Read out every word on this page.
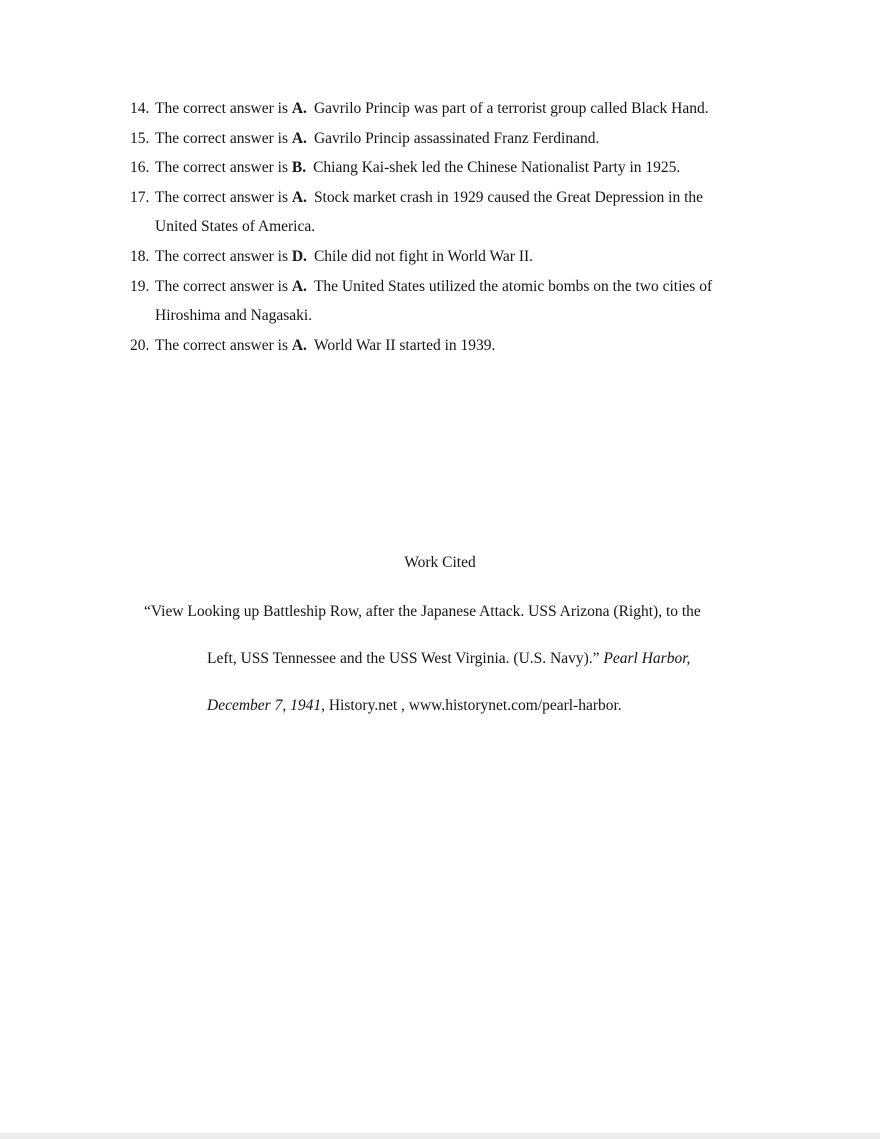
14. The correct answer is A. Gavrilo Princip was part of a terrorist group called Black Hand.

15. The correct answer is A. Gavrilo Princip assassinated Franz Ferdinand.

16. The correct answer is B. Chiang Kai-shek led the Chinese Nationalist Party in 1925.

17. The correct answer is A. Stock market crash in 1929 caused the Great Depression in the

United States of America.

18. The correct answer is D. Chile did not fight in World War II.

19. The correct answer is A. The United States utilized the atomic bombs on the two cities of

Hiroshima and Nagasaki.

20. The correct answer is A. World War II started in 1939.

Work Cited

“View Looking up Battleship Row, after the Japanese Attack. USS Arizona (Right), to the

Left, USS Tennessee and the USS West Virginia. (U.S. Navy).” Pearl Harbor,

December 7, 1941, History.net , www.historynet.com/pearl-harbor.
